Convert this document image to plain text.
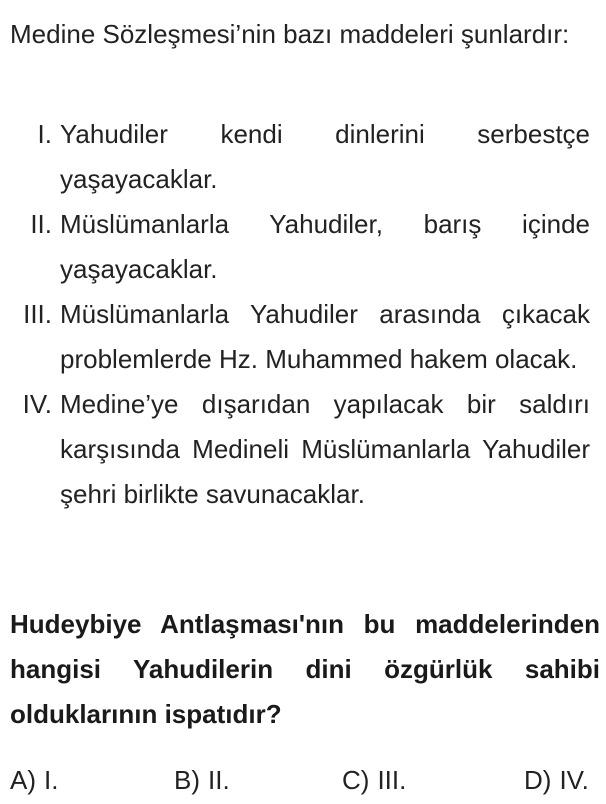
Medine Sözleşmesi’nin bazı maddeleri şunlardır:
I. Yahudiler kendi dinlerini serbestçe yaşayacaklar.
II. Müslümanlarla Yahudiler, barış içinde yaşayacaklar.
III. Müslümanlarla Yahudiler arasında çıkacak problemlerde Hz. Muhammed hakem olacak.
IV. Medine’ye dışarıdan yapılacak bir saldırı karşısında Medineli Müslümanlarla Yahudiler şehri birlikte savunacaklar.
Hudeybiye Antlaşması'nın bu maddelerinden hangisi Yahudilerin dini özgürlük sahibi olduklarının ispatıdır?
A) I.	B) II.	C) III.	D) IV.
